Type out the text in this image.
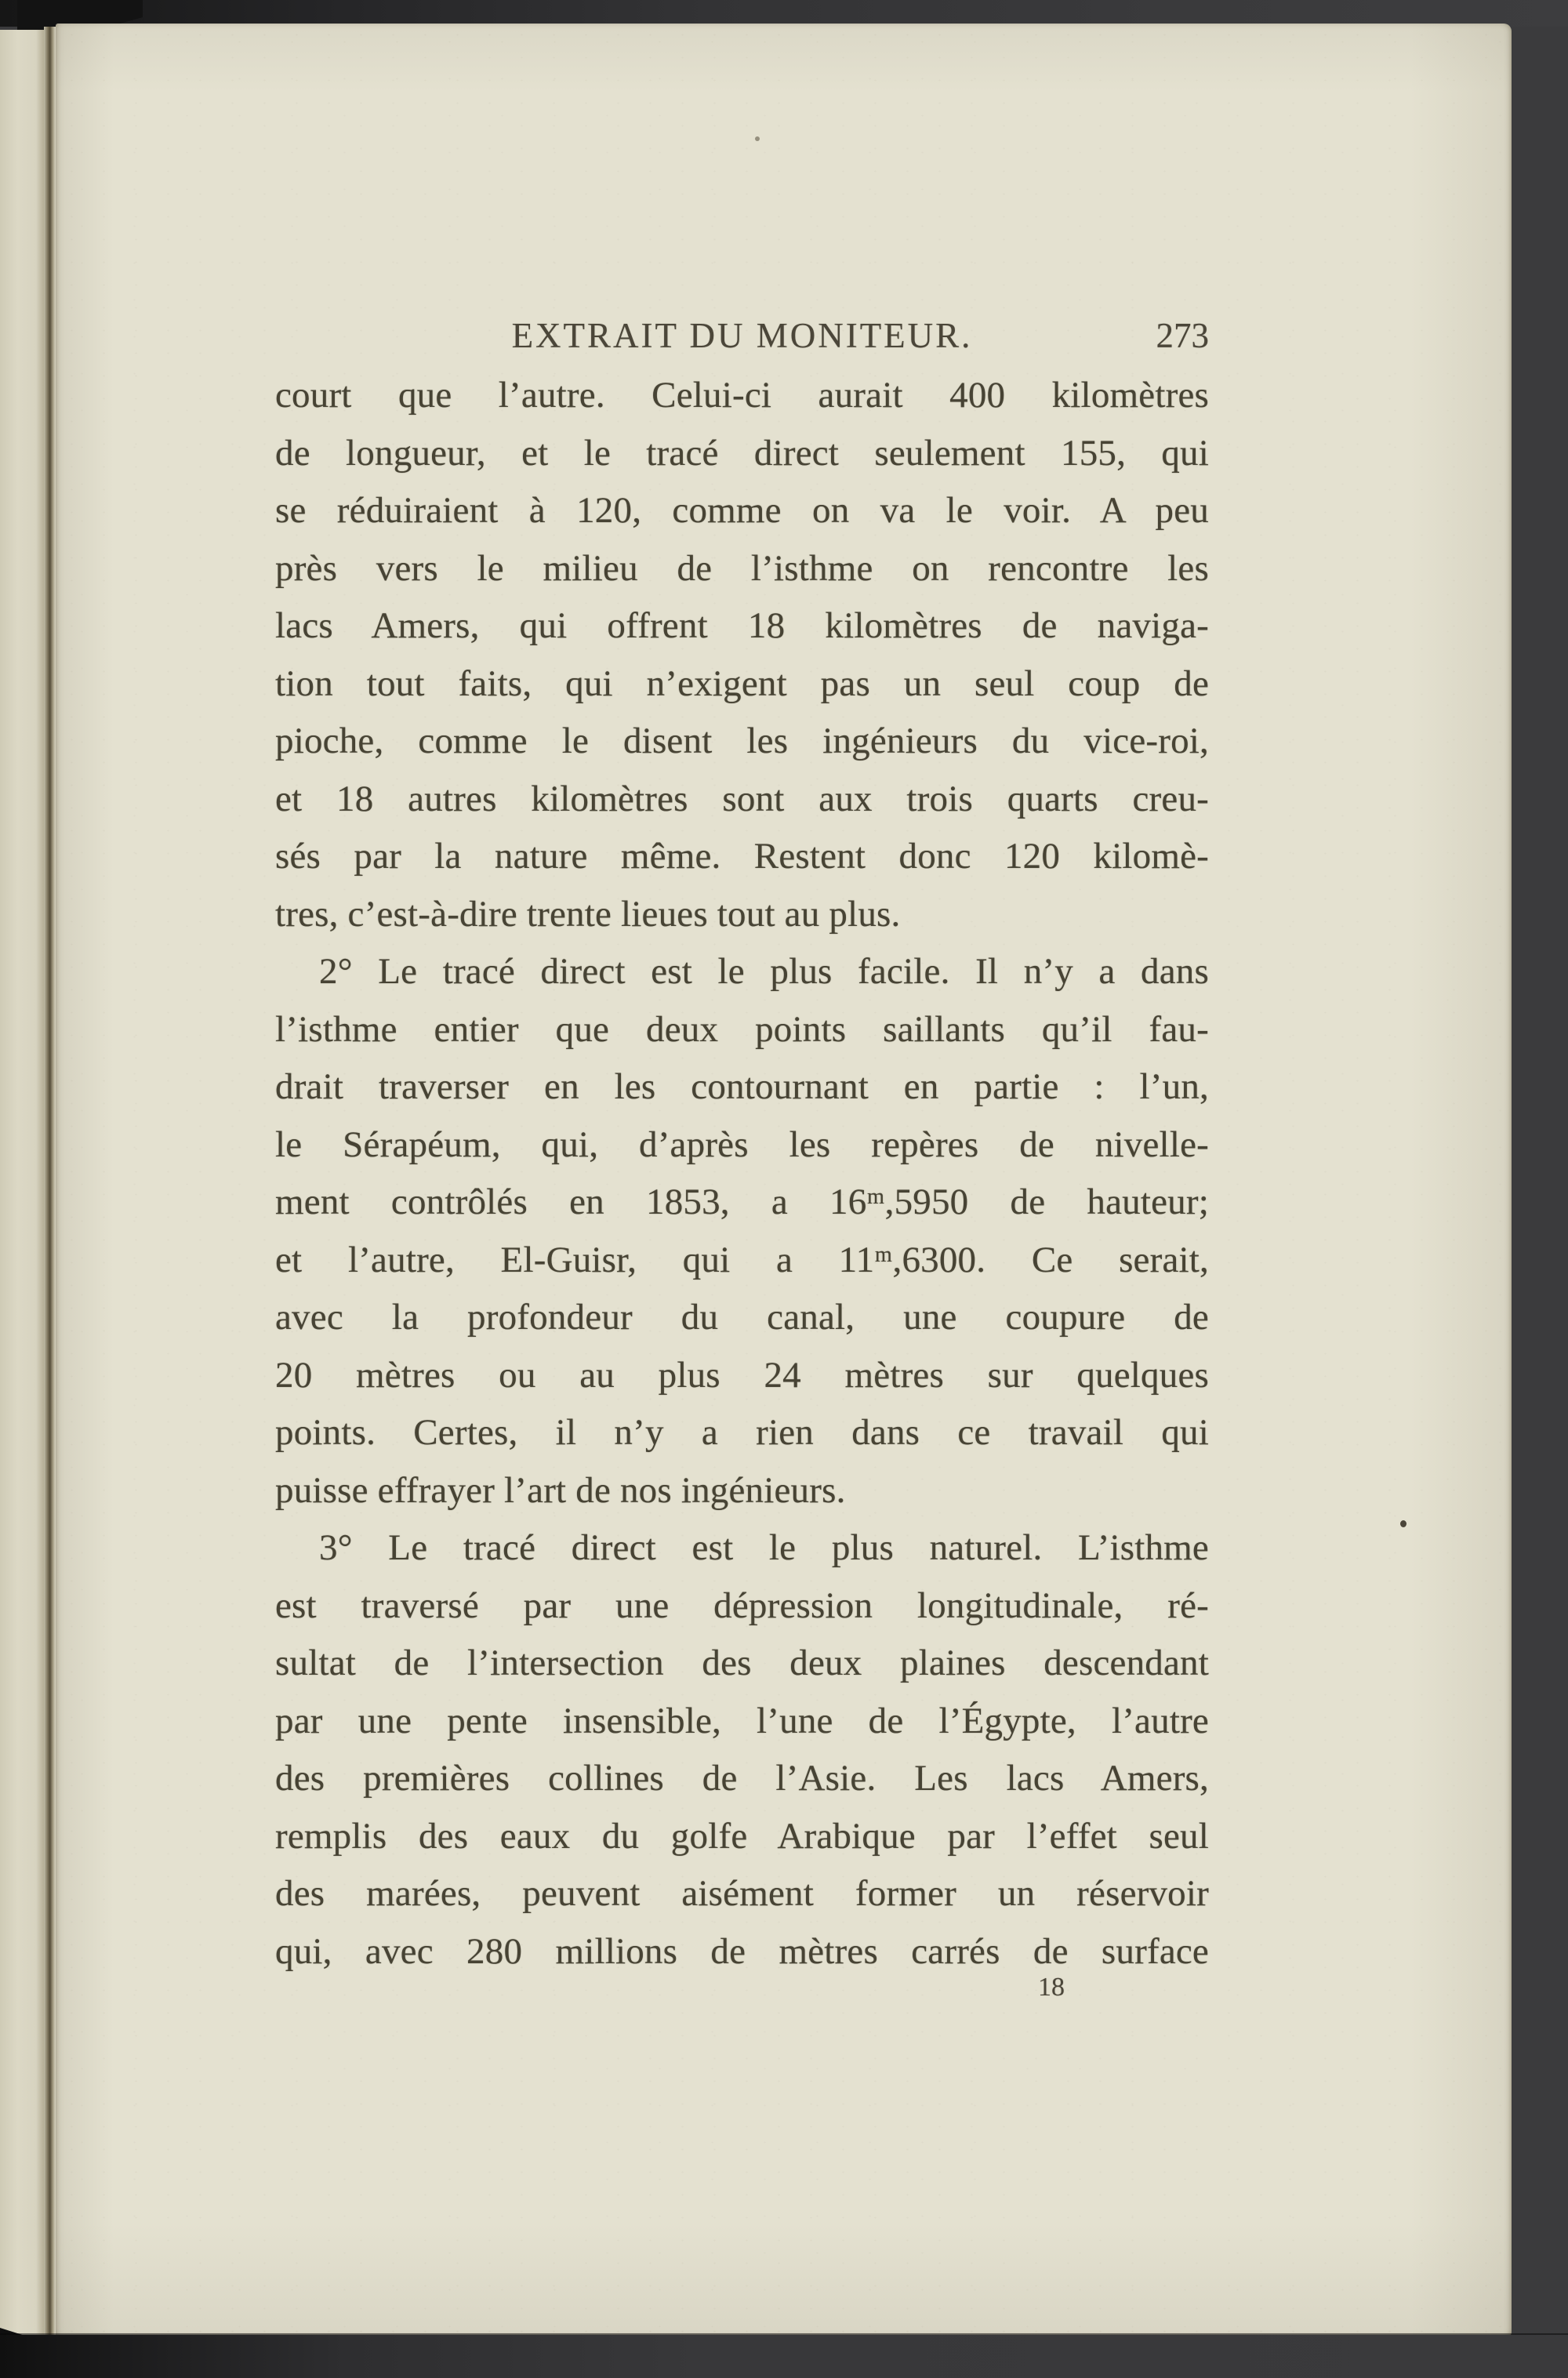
EXTRAIT DU MONITEUR.	273
court que l’autre. Celui-ci aurait 400 kilomètres
de longueur, et le tracé direct seulement 155, qui
se réduiraient à 120, comme on va le voir. A peu
près vers le milieu de l’isthme on rencontre les
lacs Amers, qui offrent 18 kilomètres de naviga-
tion tout faits, qui n’exigent pas un seul coup de
pioche, comme le disent les ingénieurs du vice-roi,
et 18 autres kilomètres sont aux trois quarts creu-
sés par la nature même. Restent donc 120 kilomè-
tres, c’est-à-dire trente lieues tout au plus.
2° Le tracé direct est le plus facile. Il n’y a dans
l’isthme entier que deux points saillants qu’il fau-
drait traverser en les contournant en partie : l’un,
le Sérapéum, qui, d’après les repères de nivelle-
ment contrôlés en 1853, a 16ᵐ,5950 de hauteur;
et l’autre, El-Guisr, qui a 11ᵐ,6300. Ce serait,
avec la profondeur du canal, une coupure de
20 mètres ou au plus 24 mètres sur quelques
points. Certes, il n’y a rien dans ce travail qui
puisse effrayer l’art de nos ingénieurs.
3° Le tracé direct est le plus naturel. L’isthme
est traversé par une dépression longitudinale, ré-
sultat de l’intersection des deux plaines descendant
par une pente insensible, l’une de l’Égypte, l’autre
des premières collines de l’Asie. Les lacs Amers,
remplis des eaux du golfe Arabique par l’effet seul
des marées, peuvent aisément former un réservoir
qui, avec 280 millions de mètres carrés de surface
18
